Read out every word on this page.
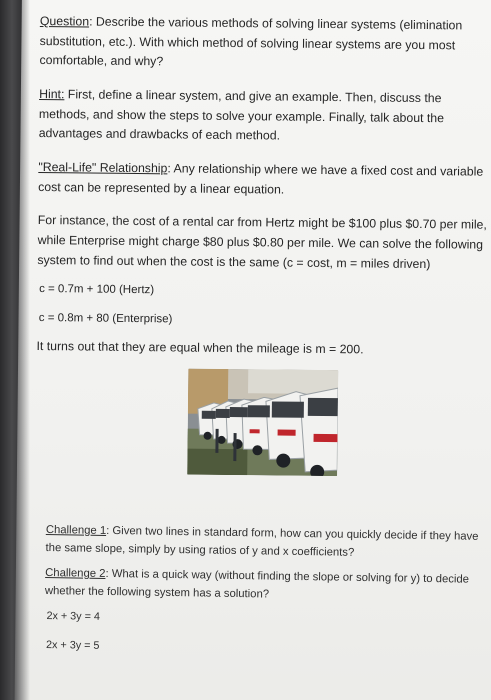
Question: Describe the various methods of solving linear systems (elimination substitution, etc.). With which method of solving linear systems are you most comfortable, and why?

Hint: First, define a linear system, and give an example. Then, discuss the methods, and show the steps to solve your example. Finally, talk about the advantages and drawbacks of each method.

"Real-Life" Relationship: Any relationship where we have a fixed cost and variable cost can be represented by a linear equation.

For instance, the cost of a rental car from Hertz might be $100 plus $0.70 per mile, while Enterprise might charge $80 plus $0.80 per mile. We can solve the following system to find out when the cost is the same (c = cost, m = miles driven)

c = 0.7m + 100 (Hertz)

c = 0.8m + 80 (Enterprise)

It turns out that they are equal when the mileage is m = 200.

Challenge 1: Given two lines in standard form, how can you quickly decide if they have the same slope, simply by using ratios of y and x coefficients?

Challenge 2: What is a quick way (without finding the slope or solving for y) to decide whether the following system has a solution?

2x + 3y = 4

2x + 3y = 5
